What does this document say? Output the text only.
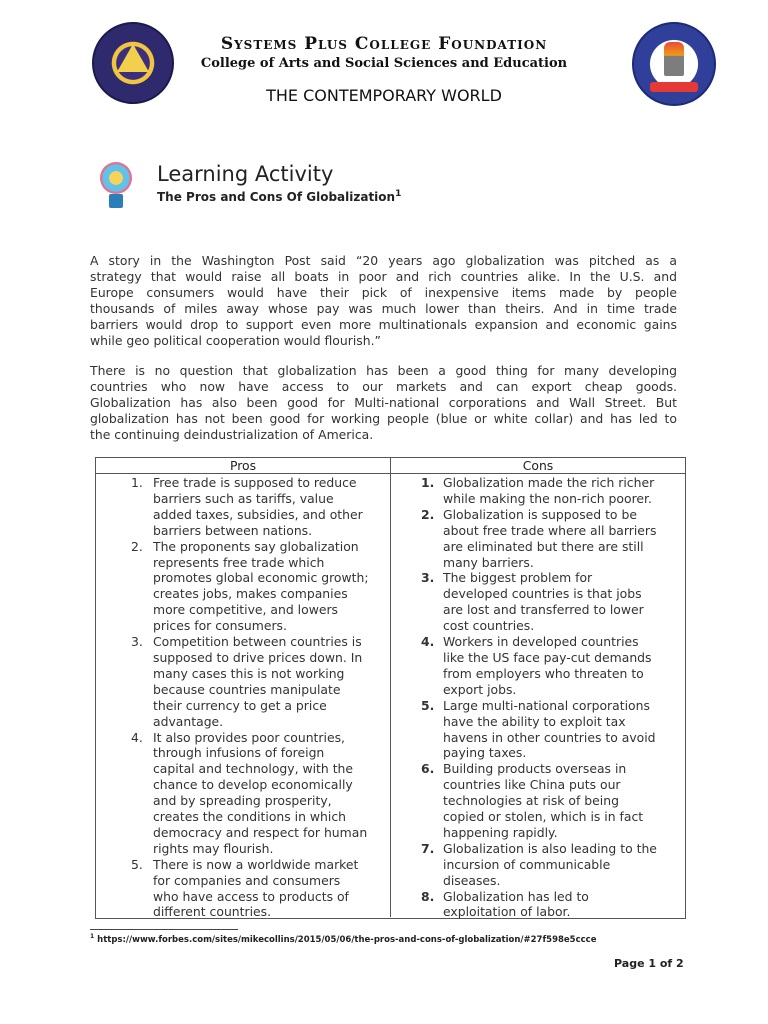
Systems Plus College Foundation
College of Arts and Social Sciences and Education
THE CONTEMPORARY WORLD
Learning Activity
The Pros and Cons Of Globalization$^1$
A story in the Washington Post said “20 years ago globalization was pitched as a
strategy that would raise all boats in poor and rich countries alike. In the U.S. and
Europe consumers would have their pick of inexpensive items made by people
thousands of miles away whose pay was much lower than theirs. And in time trade
barriers would drop to support even more multinationals expansion and economic gains
while geo political cooperation would flourish.”
There is no question that globalization has been a good thing for many developing
countries who now have access to our markets and can export cheap goods.
Globalization has also been good for Multi-national corporations and Wall Street. But
globalization has not been good for working people (blue or white collar) and has led to
the continuing deindustrialization of America.
Pros	Cons
1. Free trade is supposed to reduce
barriers such as tariffs, value
added taxes, subsidies, and other
barriers between nations.
2. The proponents say globalization
represents free trade which
promotes global economic growth;
creates jobs, makes companies
more competitive, and lowers
prices for consumers.
3. Competition between countries is
supposed to drive prices down. In
many cases this is not working
because countries manipulate
their currency to get a price
advantage.
4. It also provides poor countries,
through infusions of foreign
capital and technology, with the
chance to develop economically
and by spreading prosperity,
creates the conditions in which
democracy and respect for human
rights may flourish.
5. There is now a worldwide market
for companies and consumers
who have access to products of
different countries.
1. Globalization made the rich richer
while making the non-rich poorer.
2. Globalization is supposed to be
about free trade where all barriers
are eliminated but there are still
many barriers.
3. The biggest problem for
developed countries is that jobs
are lost and transferred to lower
cost countries.
4. Workers in developed countries
like the US face pay-cut demands
from employers who threaten to
export jobs.
5. Large multi-national corporations
have the ability to exploit tax
havens in other countries to avoid
paying taxes.
6. Building products overseas in
countries like China puts our
technologies at risk of being
copied or stolen, which is in fact
happening rapidly.
7. Globalization is also leading to the
incursion of communicable
diseases.
8. Globalization has led to
exploitation of labor.
$^1$ https://www.forbes.com/sites/mikecollins/2015/05/06/the-pros-and-cons-of-globalization/#27f598e5ccce
Page 1 of 2
